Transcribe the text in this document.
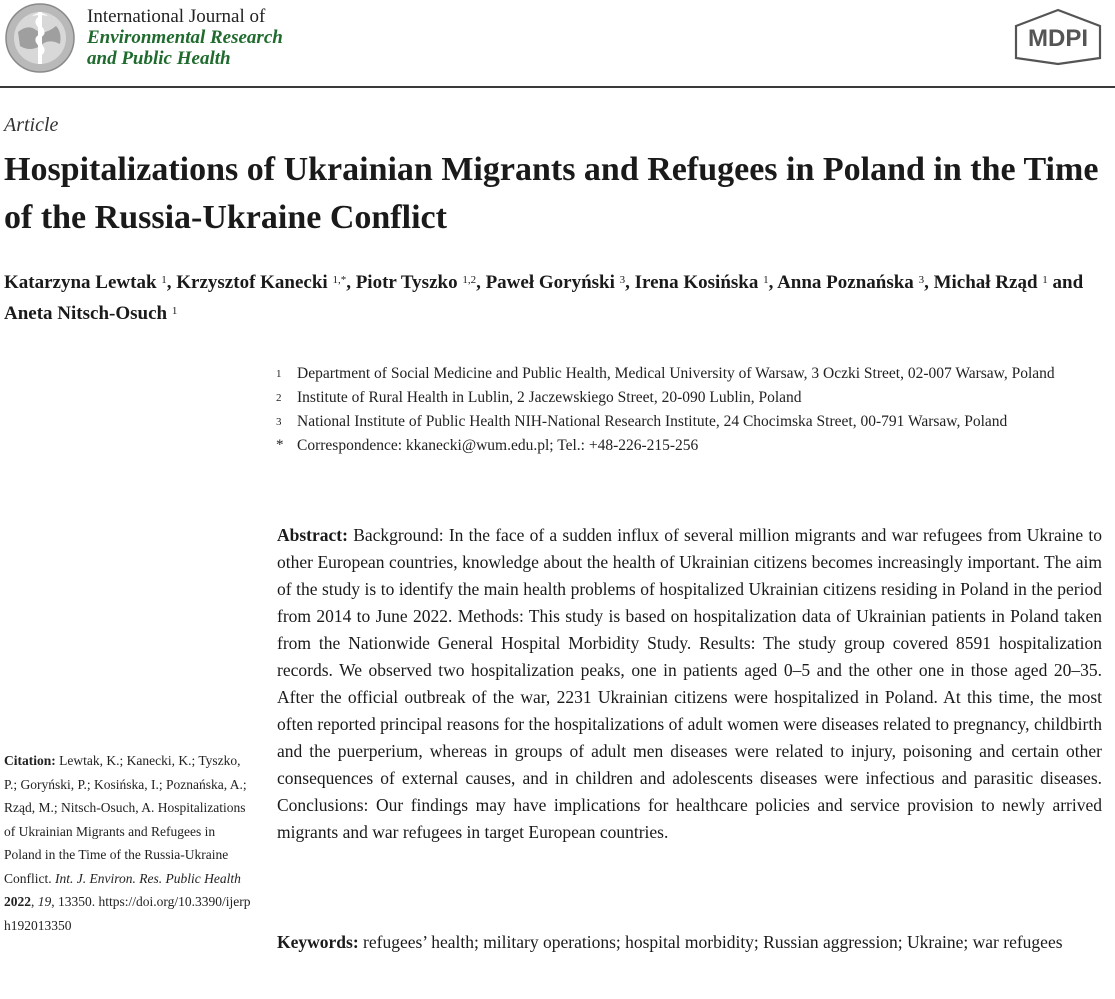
International Journal of
Environmental Research
and Public Health
MDPI
Article
Hospitalizations of Ukrainian Migrants and Refugees in Poland in the Time of the Russia-Ukraine Conflict
Katarzyna Lewtak $^1$, Krzysztof Kanecki $^{1,*}$, Piotr Tyszko $^{1,2}$, Paweł Goryński $^3$, Irena Kosińska $^1$, Anna Poznańska $^3$, Michał Rząd $^1$ and Aneta Nitsch-Osuch $^1$
1	Department of Social Medicine and Public Health, Medical University of Warsaw, 3 Oczki Street, 02-007 Warsaw, Poland
2	Institute of Rural Health in Lublin, 2 Jaczewskiego Street, 20-090 Lublin, Poland
3	National Institute of Public Health NIH-National Research Institute, 24 Chocimska Street, 00-791 Warsaw, Poland
* Correspondence: kkanecki@wum.edu.pl; Tel.: +48-226-215-256
Abstract: Background: In the face of a sudden influx of several million migrants and war refugees from Ukraine to other European countries, knowledge about the health of Ukrainian citizens becomes increasingly important. The aim of the study is to identify the main health problems of hospitalized Ukrainian citizens residing in Poland in the period from 2014 to June 2022. Methods: This study is based on hospitalization data of Ukrainian patients in Poland taken from the Nationwide General Hospital Morbidity Study. Results: The study group covered 8591 hospitalization records. We observed two hospitalization peaks, one in patients aged 0–5 and the other one in those aged 20–35. After the official outbreak of the war, 2231 Ukrainian citizens were hospitalized in Poland. At this time, the most often reported principal reasons for the hospitalizations of adult women were diseases related to pregnancy, childbirth and the puerperium, whereas in groups of adult men diseases were related to injury, poisoning and certain other consequences of external causes, and in children and adolescents diseases were infectious and parasitic diseases. Conclusions: Our findings may have implications for healthcare policies and service provision to newly arrived migrants and war refugees in target European countries.
Keywords: refugees’ health; military operations; hospital morbidity; Russian aggression; Ukraine; war refugees
Citation: Lewtak, K.; Kanecki, K.; Tyszko, P.; Goryński, P.; Kosińska, I.; Poznańska, A.; Rząd, M.; Nitsch-Osuch, A. Hospitalizations of Ukrainian Migrants and Refugees in Poland in the Time of the Russia-Ukraine Conflict. Int. J. Environ. Res. Public Health 2022, 19, 13350. https://doi.org/10.3390/ijerph192013350
